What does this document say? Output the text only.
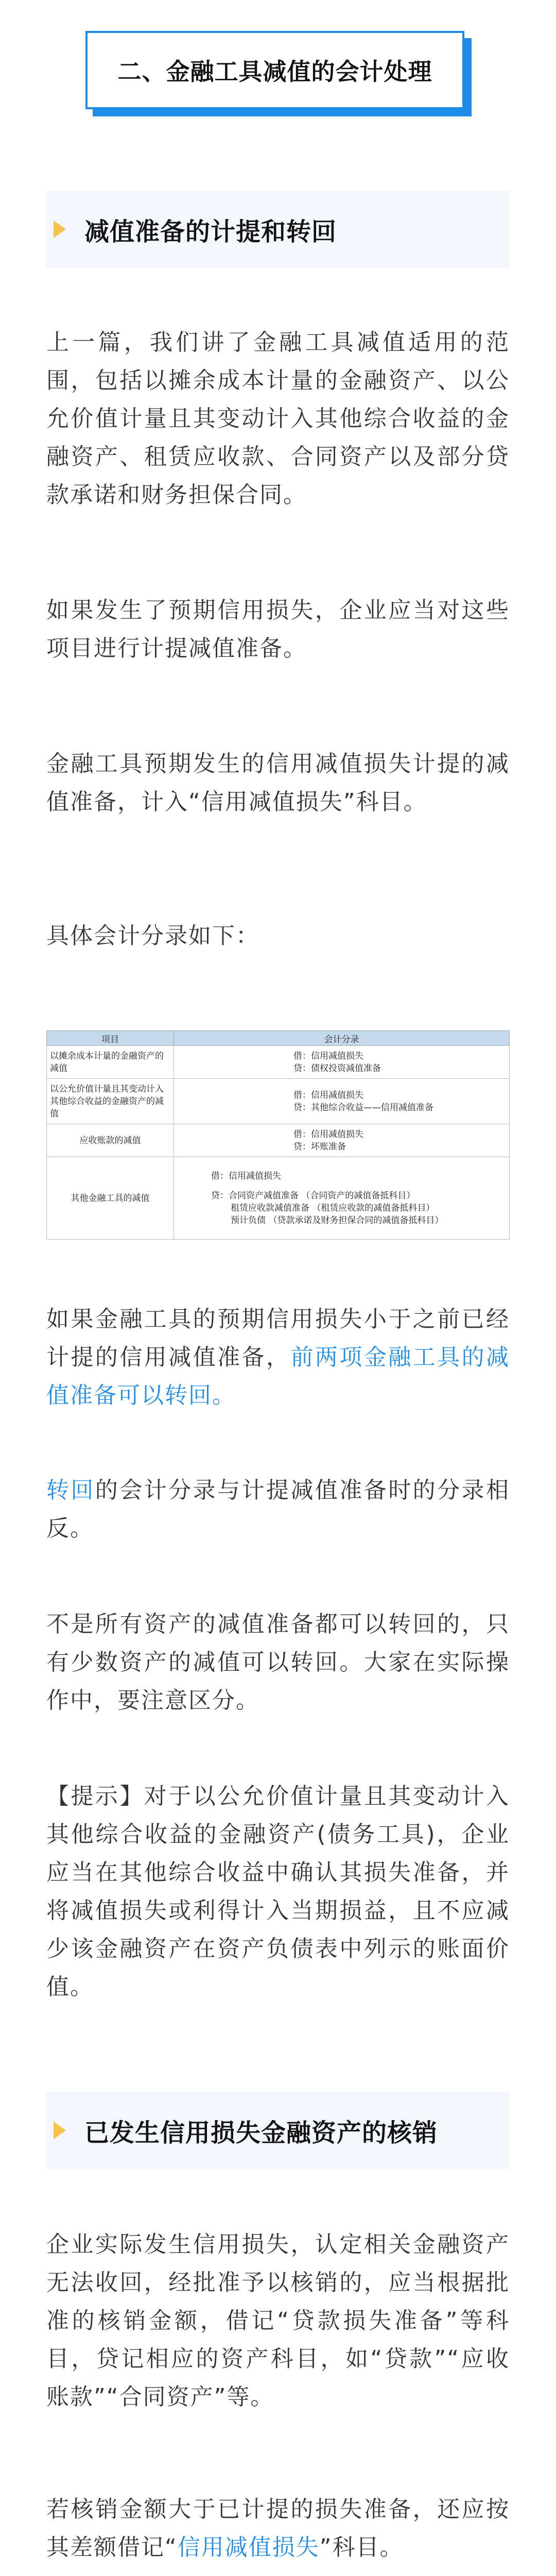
二、金融工具减值的会计处理
减值准备的计提和转回

上一篇，我们讲了金融工具减值适用的范围，包括以摊余成本计量的金融资产、以公允价值计量且其变动计入其他综合收益的金融资产、租赁应收款、合同资产以及部分贷款承诺和财务担保合同。

如果发生了预期信用损失，企业应当对这些项目进行计提减值准备。

金融工具预期发生的信用减值损失计提的减值准备，计入“信用减值损失”科目。

具体会计分录如下：

项目	会计分录
以摊余成本计量的金融资产的减值	借：信用减值损失
贷：债权投资减值准备

以公允价值计量且其变动计入其他综合收益的金融资产的减值	借：信用减值损失
贷：其他综合收益——信用减值准备

应收账款的减值	借：信用减值损失
贷：坏账准备

其他金融工具的减值	借：信用减值损失
贷：合同资产减值准备 （合同资产的减值备抵科目）
租赁应收款减值准备 （租赁应收款的减值备抵科目）
预计负债 （贷款承诺及财务担保合同的减值备抵科目）

如果金融工具的预期信用损失小于之前已经计提的信用减值准备，前两项金融工具的减值准备可以转回。

转回的会计分录与计提减值准备时的分录相反。

不是所有资产的减值准备都可以转回的，只有少数资产的减值可以转回。大家在实际操作中，要注意区分。

【提示】对于以公允价值计量且其变动计入其他综合收益的金融资产(债务工具)，企业应当在其他综合收益中确认其损失准备，并将减值损失或利得计入当期损益，且不应减少该金融资产在资产负债表中列示的账面价值。

已发生信用损失金融资产的核销

企业实际发生信用损失，认定相关金融资产无法收回，经批准予以核销的，应当根据批准的核销金额，借记“贷款损失准备”等科目，贷记相应的资产科目，如“贷款”“应收账款”“合同资产”等。

若核销金额大于已计提的损失准备，还应按其差额借记“信用减值损失”科目。
